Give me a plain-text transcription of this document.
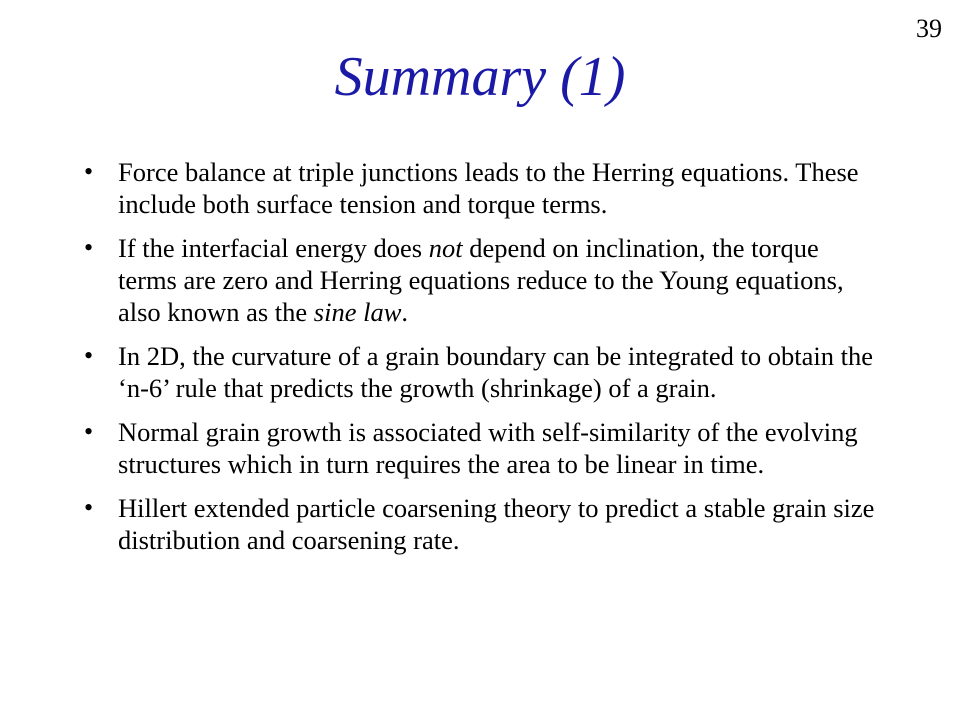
39
Summary (1)
• Force balance at triple junctions leads to the Herring equations. These include both surface tension and torque terms.
• If the interfacial energy does not depend on inclination, the torque terms are zero and Herring equations reduce to the Young equations, also known as the sine law.
• In 2D, the curvature of a grain boundary can be integrated to obtain the ‘n-6’ rule that predicts the growth (shrinkage) of a grain.
• Normal grain growth is associated with self-similarity of the evolving structures which in turn requires the area to be linear in time.
• Hillert extended particle coarsening theory to predict a stable grain size distribution and coarsening rate.
